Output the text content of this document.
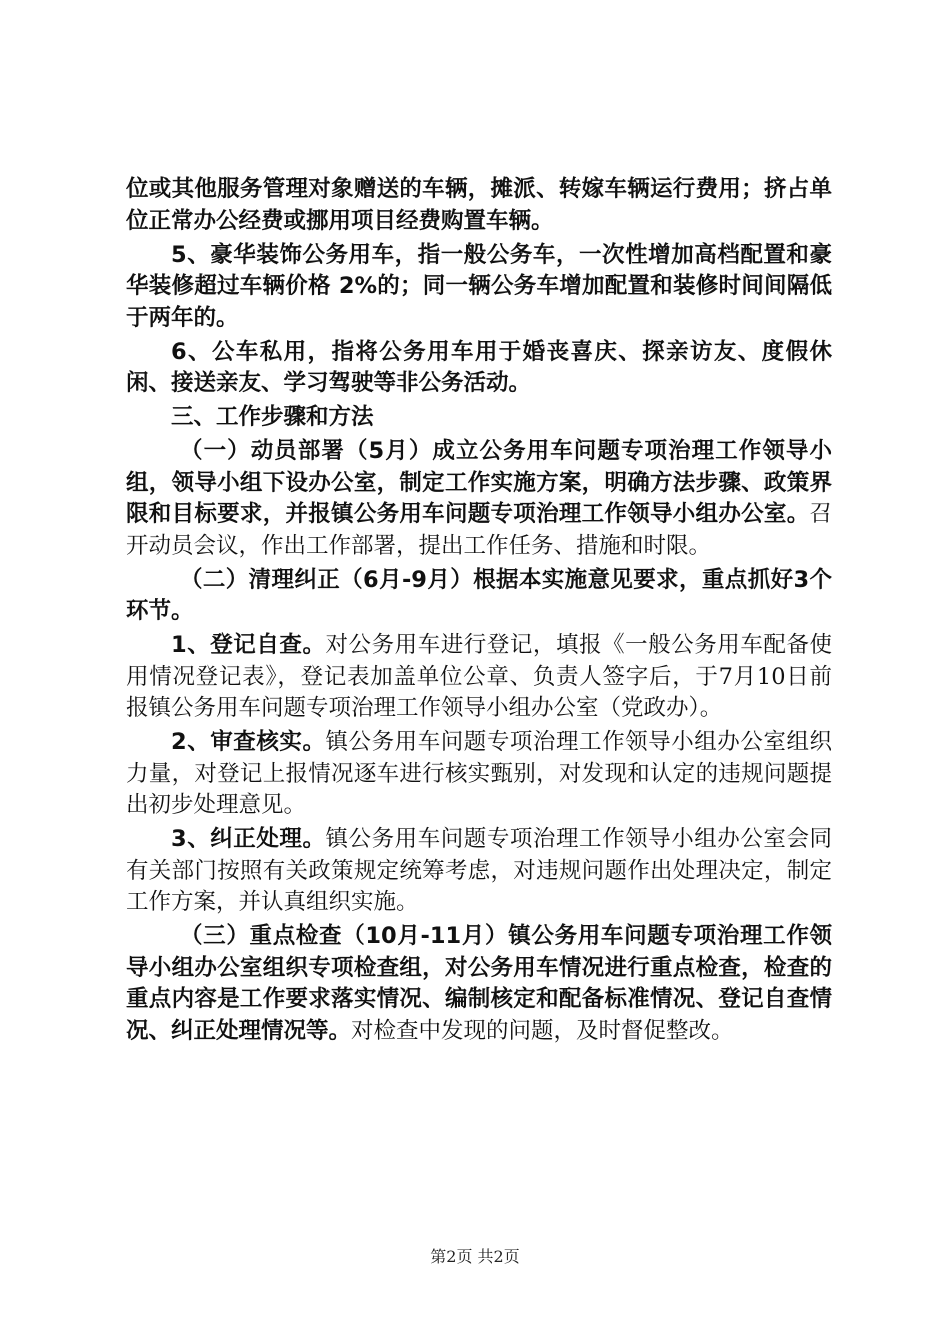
位或其他服务管理对象赠送的车辆，摊派、转嫁车辆运行费用；挤占单位正常办公经费或挪用项目经费购置车辆。

5、豪华装饰公务用车，指一般公务车，一次性增加高档配置和豪华装修超过车辆价格 2%的；同一辆公务车增加配置和装修时间间隔低于两年的。

6、公车私用，指将公务用车用于婚丧喜庆、探亲访友、度假休闲、接送亲友、学习驾驶等非公务活动。

三、工作步骤和方法

（一）动员部署（5月）成立公务用车问题专项治理工作领导小组，领导小组下设办公室，制定工作实施方案，明确方法步骤、政策界限和目标要求，并报镇公务用车问题专项治理工作领导小组办公室。召开动员会议，作出工作部署，提出工作任务、措施和时限。

（二）清理纠正（6月-9月）根据本实施意见要求，重点抓好3个环节。

1、登记自查。对公务用车进行登记，填报《一般公务用车配备使用情况登记表》，登记表加盖单位公章、负责人签字后，于7月10日前报镇公务用车问题专项治理工作领导小组办公室（党政办）。

2、审查核实。镇公务用车问题专项治理工作领导小组办公室组织力量，对登记上报情况逐车进行核实甄别，对发现和认定的违规问题提出初步处理意见。

3、纠正处理。镇公务用车问题专项治理工作领导小组办公室会同有关部门按照有关政策规定统筹考虑，对违规问题作出处理决定，制定工作方案，并认真组织实施。

（三）重点检查（10月-11月）镇公务用车问题专项治理工作领导小组办公室组织专项检查组，对公务用车情况进行重点检查，检查的重点内容是工作要求落实情况、编制核定和配备标准情况、登记自查情况、纠正处理情况等。对检查中发现的问题，及时督促整改。

第2页 共2页
